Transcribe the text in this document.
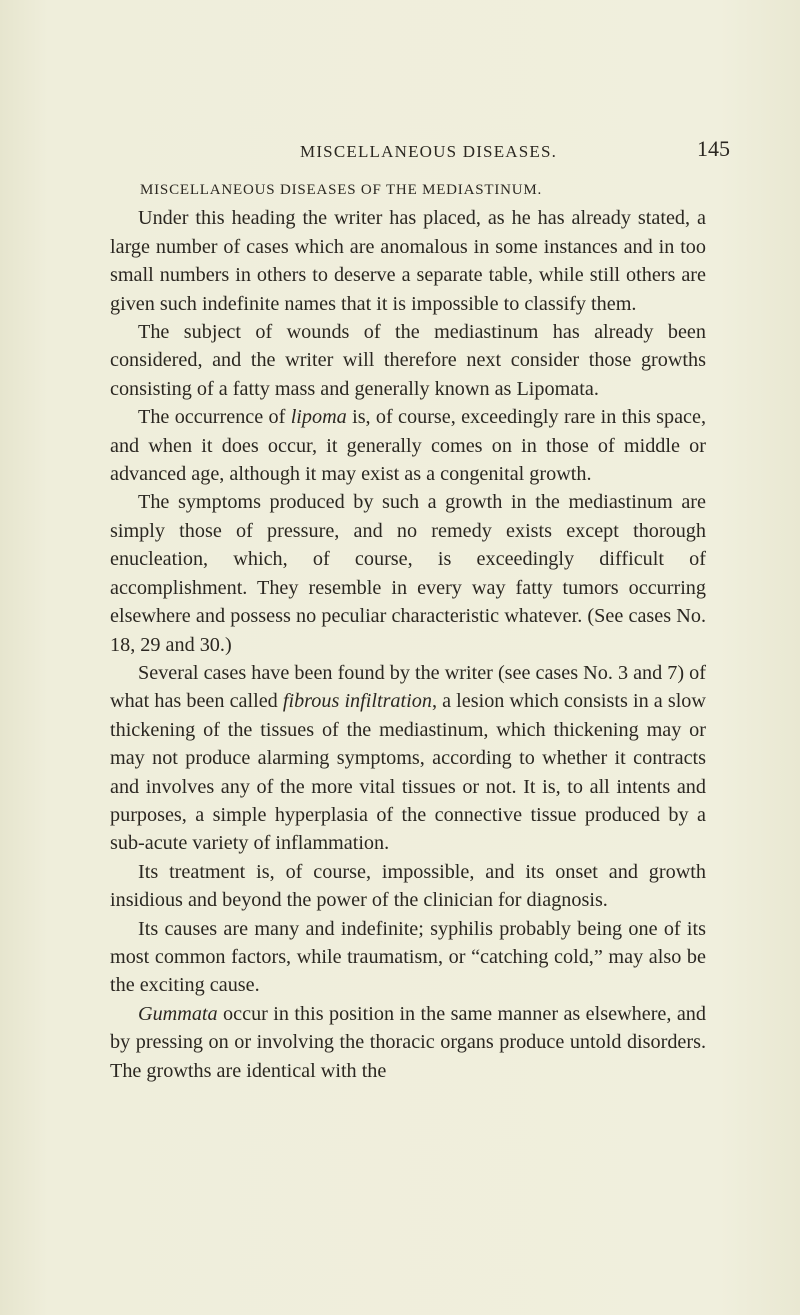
MISCELLANEOUS DISEASES.	145
MISCELLANEOUS DISEASES OF THE MEDIASTINUM.

Under this heading the writer has placed, as he has already stated, a large number of cases which are anomalous in some instances and in too small numbers in others to deserve a separate table, while still others are given such indefinite names that it is impossible to classify them.

The subject of wounds of the mediastinum has already been considered, and the writer will therefore next consider those growths consisting of a fatty mass and generally known as Lipomata.

The occurrence of lipoma is, of course, exceedingly rare in this space, and when it does occur, it generally comes on in those of middle or advanced age, although it may exist as a congenital growth.

The symptoms produced by such a growth in the mediastinum are simply those of pressure, and no remedy exists except thorough enucleation, which, of course, is exceedingly difficult of accomplishment. They resemble in every way fatty tumors occurring elsewhere and possess no peculiar characteristic whatever. (See cases No. 18, 29 and 30.)

Several cases have been found by the writer (see cases No. 3 and 7) of what has been called fibrous infiltration, a lesion which consists in a slow thickening of the tissues of the mediastinum, which thickening may or may not produce alarming symptoms, according to whether it contracts and involves any of the more vital tissues or not. It is, to all intents and purposes, a simple hyperplasia of the connective tissue produced by a sub-acute variety of inflammation.

Its treatment is, of course, impossible, and its onset and growth insidious and beyond the power of the clinician for diagnosis.

Its causes are many and indefinite; syphilis probably being one of its most common factors, while traumatism, or “catching cold,” may also be the exciting cause.

Gummata occur in this position in the same manner as elsewhere, and by pressing on or involving the thoracic organs produce untold disorders. The growths are identical with the
